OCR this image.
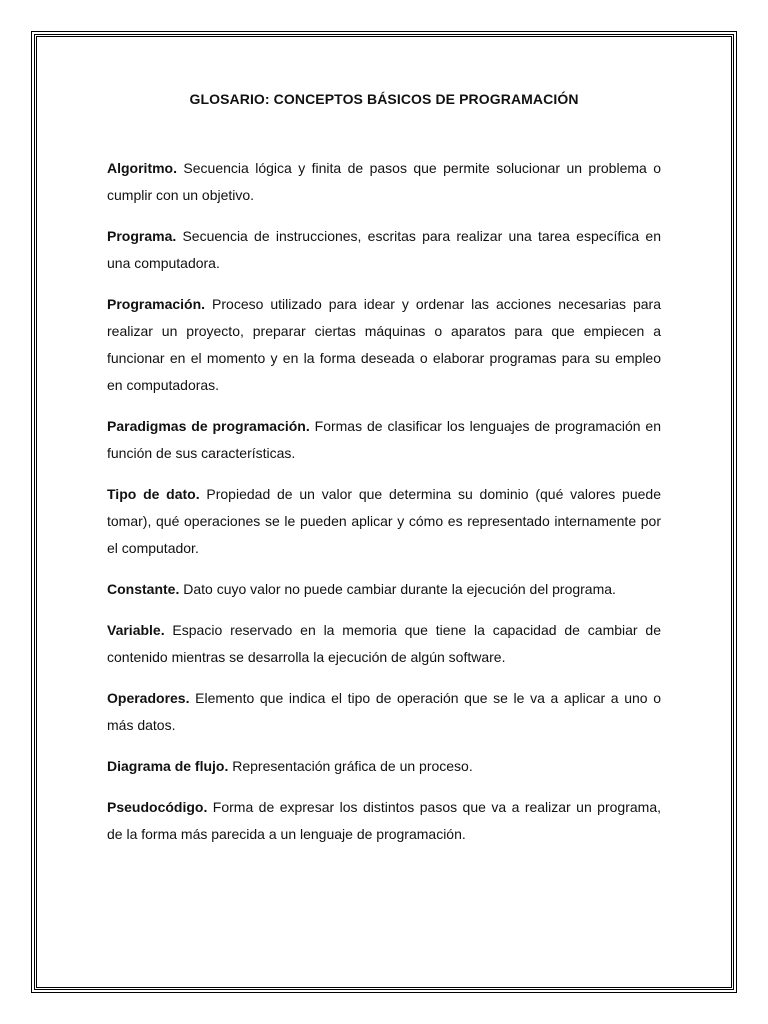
GLOSARIO: CONCEPTOS BÁSICOS DE PROGRAMACIÓN

Algoritmo. Secuencia lógica y finita de pasos que permite solucionar un problema o cumplir con un objetivo.

Programa. Secuencia de instrucciones, escritas para realizar una tarea específica en una computadora.

Programación. Proceso utilizado para idear y ordenar las acciones necesarias para realizar un proyecto, preparar ciertas máquinas o aparatos para que empiecen a funcionar en el momento y en la forma deseada o elaborar programas para su empleo en computadoras.

Paradigmas de programación. Formas de clasificar los lenguajes de programación en función de sus características.

Tipo de dato. Propiedad de un valor que determina su dominio (qué valores puede tomar), qué operaciones se le pueden aplicar y cómo es representado internamente por el computador.

Constante. Dato cuyo valor no puede cambiar durante la ejecución del programa.

Variable. Espacio reservado en la memoria que tiene la capacidad de cambiar de contenido mientras se desarrolla la ejecución de algún software.

Operadores. Elemento que indica el tipo de operación que se le va a aplicar a uno o más datos.

Diagrama de flujo. Representación gráfica de un proceso.

Pseudocódigo. Forma de expresar los distintos pasos que va a realizar un programa, de la forma más parecida a un lenguaje de programación.
